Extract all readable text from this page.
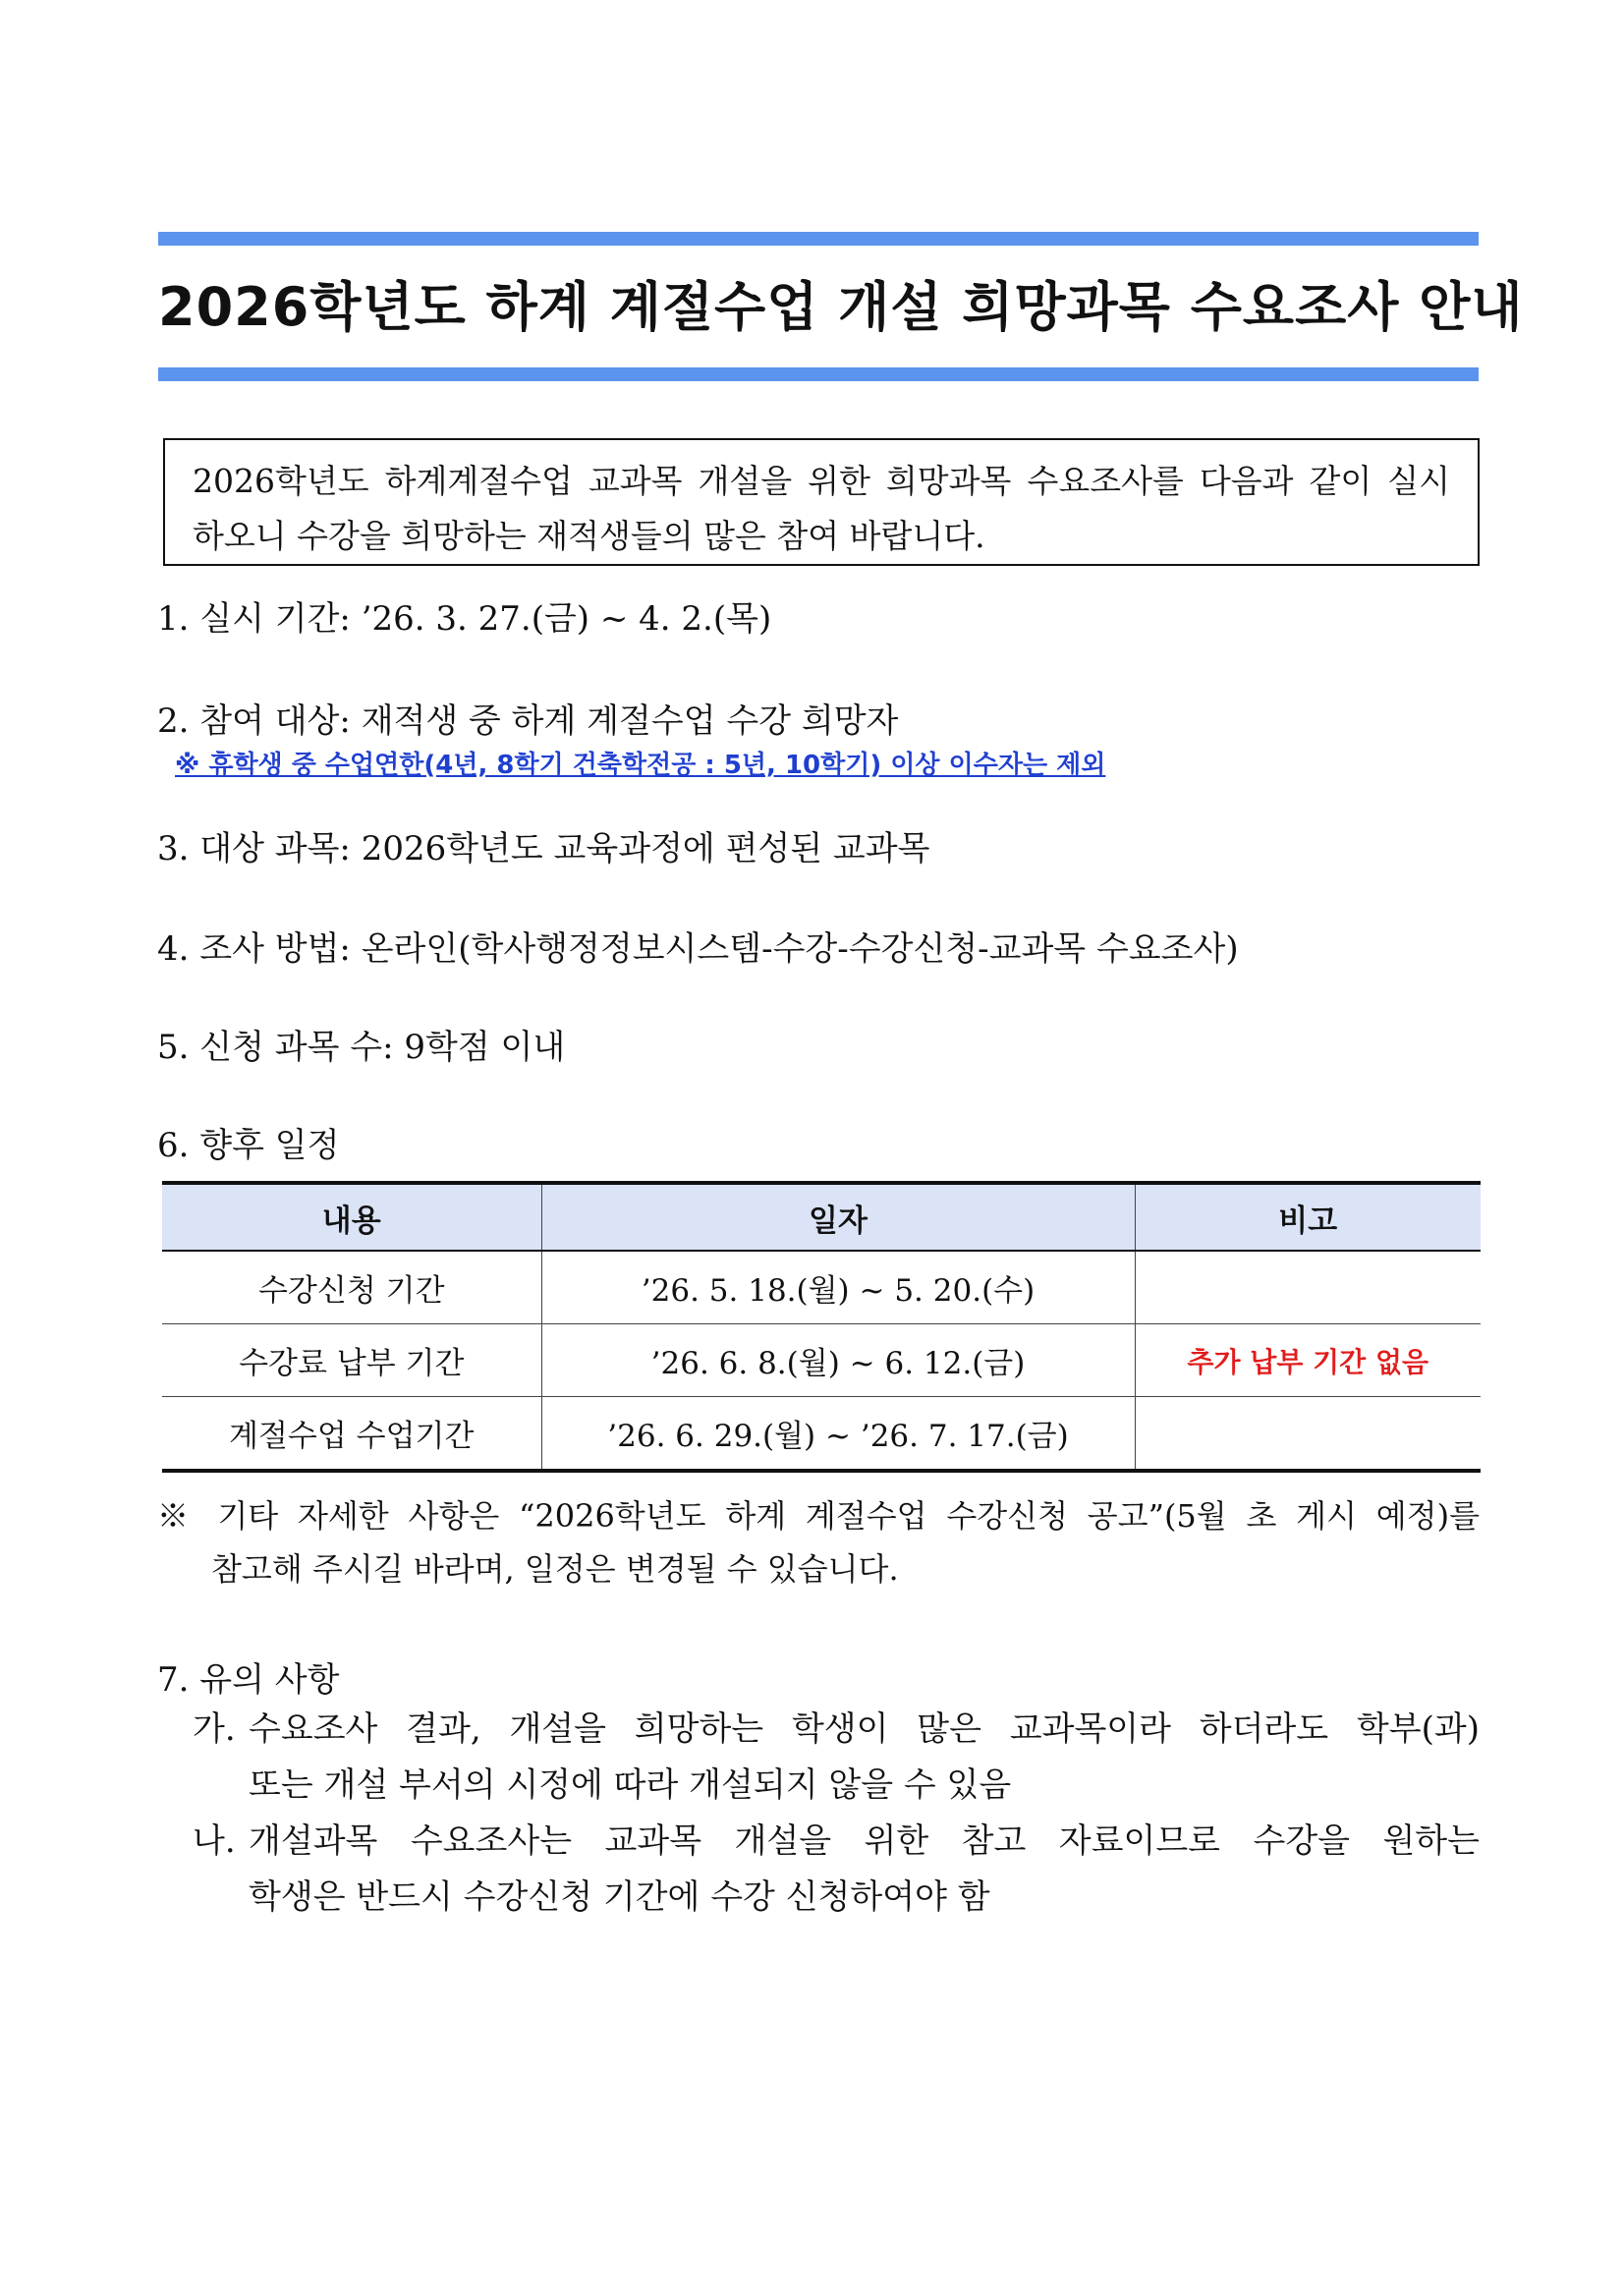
2026학년도 하계 계절수업 개설 희망과목 수요조사 안내

2026학년도 하계계절수업 교과목 개설을 위한 희망과목 수요조사를 다음과 같이 실시

하오니 수강을 희망하는 재적생들의 많은 참여 바랍니다.

1. 실시 기간: ’26. 3. 27.(금) ~ 4. 2.(목)
2. 참여 대상: 재적생 중 하계 계절수업 수강 희망자
※ 휴학생 중 수업연한(4년, 8학기 건축학전공 : 5년, 10학기) 이상 이수자는 제외
3. 대상 과목: 2026학년도 교육과정에 편성된 교과목
4. 조사 방법: 온라인(학사행정정보시스템-수강-수강신청-교과목 수요조사)
5. 신청 과목 수: 9학점 이내
6. 향후 일정
내용	일자	비고
수강신청 기간	’26. 5. 18.(월) ~ 5. 20.(수)	
수강료 납부 기간	’26. 6. 8.(월) ~ 6. 12.(금)	추가 납부 기간 없음
계절수업 수업기간	’26. 6. 29.(월) ~ ’26. 7. 17.(금)	
※ 기타 자세한 사항은 “2026학년도 하계 계절수업 수강신청 공고”(5월 초 게시 예정)를
참고해 주시길 바라며, 일정은 변경될 수 있습니다.
7. 유의 사항
가. 수요조사 결과, 개설을 희망하는 학생이 많은 교과목이라 하더라도 학부(과)
또는 개설 부서의 시정에 따라 개설되지 않을 수 있음
나. 개설과목 수요조사는 교과목 개설을 위한 참고 자료이므로 수강을 원하는
학생은 반드시 수강신청 기간에 수강 신청하여야 함
